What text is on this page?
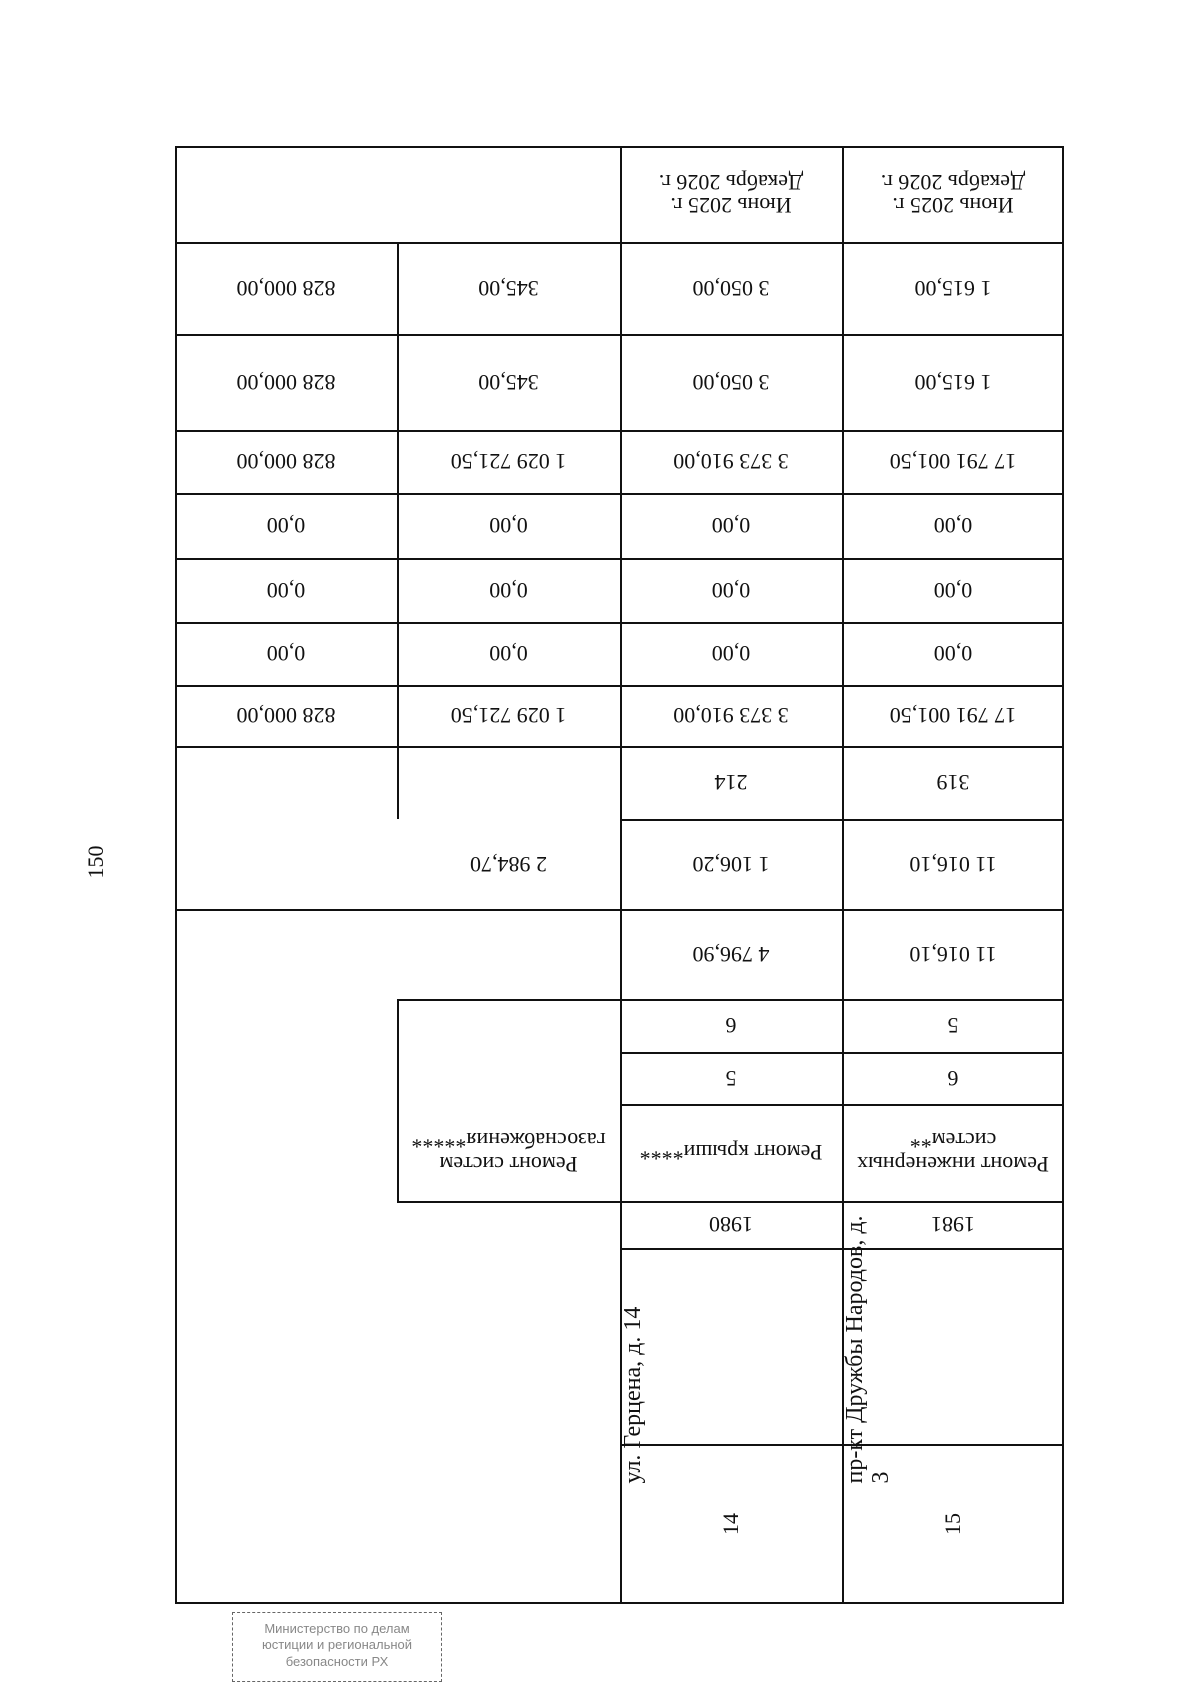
150
1 615,00
1 615,00
17 791 001,50
0,00
0,00
0,00
17 791 001,50
319
11 016,10
11 016,10
5
6
Ремонт инженерных
систем**
1981
15
пр-кт Дружбы Народов, д. 3
3 050,00
3 050,00
3 373 910,00
0,00
0,00
0,00
3 373 910,00
214
1 106,20
4 796,90
6
5
Ремонт крыши****
1980
14
ул. Герцена, д. 14
345,00
345,00
1 029 721,50
0,00
0,00
0,00
1 029 721,50
2 984,70
Ремонт систем
газоснабжения*****
828 000,00
828 000,00
828 000,00
0,00
0,00
0,00
828 000,00
Июнь 2025 г.
Декабрь 2026 г.
Июнь 2025 г.
Декабрь 2026 г.
Министерство по делам
юстиции и региональной
безопасности РХ
